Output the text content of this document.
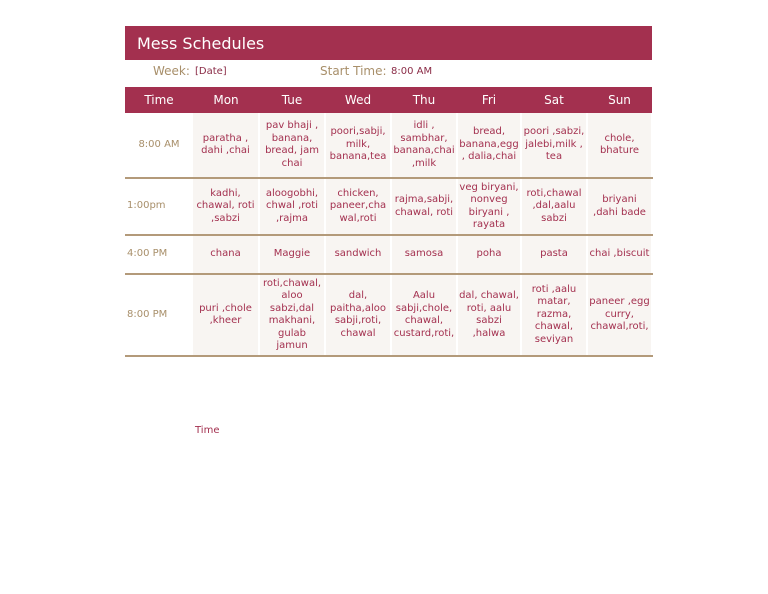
Mess Schedules
Week: [Date]	Start Time: 8:00 AM
Time	Mon	Tue	Wed	Thu	Fri	Sat	Sun
8:00 AM	paratha , dahi ,chai	pav bhaji , banana, bread, jam chai	poori,sabji, milk, banana,tea	idli , sambhar, banana,chai ,milk	bread, banana,egg, dalia,chai	poori ,sabzi, jalebi,milk , tea	chole, bhature
1:00pm	kadhi, chawal, roti ,sabzi	aloogobhi, chwal ,roti ,rajma	chicken, paneer,cha wal,roti	rajma,sabji, chawal, roti	veg biryani, nonveg biryani , rayata	roti,chawal ,dal,aalu sabzi	briyani ,dahi bade
4:00 PM	chana	Maggie	sandwich	samosa	poha	pasta	chai ,biscuit
8:00 PM	puri ,chole ,kheer	roti,chawal, aloo sabzi,dal makhani, gulab jamun	dal, paitha,aloo sabji,roti, chawal	Aalu sabji,chole, chawal, custard,roti,	dal, chawal, roti, aalu sabzi ,halwa	roti ,aalu matar, razma, chawal, seviyan	paneer ,egg curry, chawal,roti,
Time
